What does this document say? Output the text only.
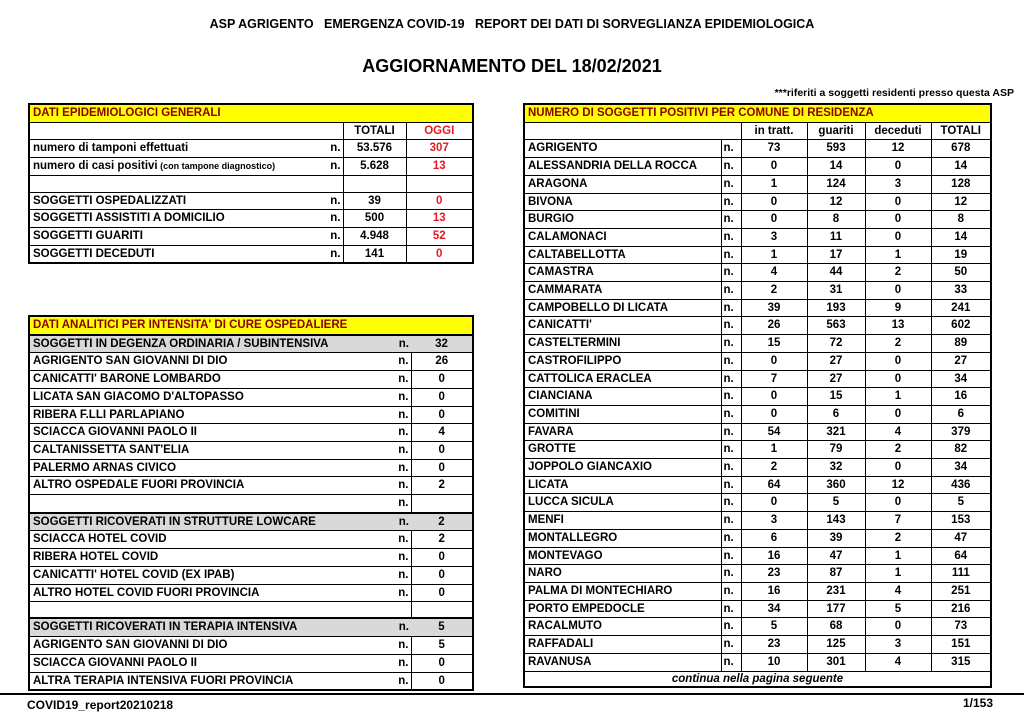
ASP AGRIGENTO   EMERGENZA COVID-19   REPORT DEI DATI DI SORVEGLIANZA EPIDEMIOLOGICA
AGGIORNAMENTO DEL 18/02/2021
***riferiti a soggetti residenti presso questa ASP
DATI EPIDEMIOLOGICI GENERALI			
		TOTALI	OGGI
numero di tamponi effettuati	n.	53.576	307
numero di casi positivi (con tampone diagnostico)	n.	5.628	13

SOGGETTI OSPEDALIZZATI	n.	39	0
SOGGETTI ASSISTITI A DOMICILIO	n.	500	13
SOGGETTI GUARITI	n.	4.948	52
SOGGETTI DECEDUTI	n.	141	0
DATI ANALITICI PER INTENSITA' DI CURE OSPEDALIERE		
SOGGETTI IN DEGENZA ORDINARIA / SUBINTENSIVA	n.	32
AGRIGENTO SAN GIOVANNI DI DIO	n.	26
CANICATTI' BARONE LOMBARDO	n.	0
LICATA SAN GIACOMO D'ALTOPASSO	n.	0
RIBERA F.LLI PARLAPIANO	n.	0
SCIACCA GIOVANNI PAOLO II	n.	4
CALTANISSETTA SANT'ELIA	n.	0
PALERMO ARNAS CIVICO	n.	0
ALTRO OSPEDALE FUORI PROVINCIA	n.	2
	n.	
SOGGETTI RICOVERATI IN STRUTTURE LOWCARE	n.	2
SCIACCA HOTEL COVID	n.	2
RIBERA HOTEL COVID	n.	0
CANICATTI' HOTEL COVID (EX IPAB)	n.	0
ALTRO HOTEL COVID FUORI PROVINCIA	n.	0

SOGGETTI RICOVERATI IN TERAPIA INTENSIVA	n.	5
AGRIGENTO SAN GIOVANNI DI DIO	n.	5
SCIACCA GIOVANNI PAOLO II	n.	0
ALTRA TERAPIA INTENSIVA FUORI PROVINCIA	n.	0
NUMERO DI SOGGETTI POSITIVI PER COMUNE DI RESIDENZA					
		in tratt.	guariti	deceduti	TOTALI
AGRIGENTO	n.	73	593	12	678
ALESSANDRIA DELLA ROCCA	n.	0	14	0	14
ARAGONA	n.	1	124	3	128
BIVONA	n.	0	12	0	12
BURGIO	n.	0	8	0	8
CALAMONACI	n.	3	11	0	14
CALTABELLOTTA	n.	1	17	1	19
CAMASTRA	n.	4	44	2	50
CAMMARATA	n.	2	31	0	33
CAMPOBELLO DI LICATA	n.	39	193	9	241
CANICATTI'	n.	26	563	13	602
CASTELTERMINI	n.	15	72	2	89
CASTROFILIPPO	n.	0	27	0	27
CATTOLICA ERACLEA	n.	7	27	0	34
CIANCIANA	n.	0	15	1	16
COMITINI	n.	0	6	0	6
FAVARA	n.	54	321	4	379
GROTTE	n.	1	79	2	82
JOPPOLO GIANCAXIO	n.	2	32	0	34
LICATA	n.	64	360	12	436
LUCCA SICULA	n.	0	5	0	5
MENFI	n.	3	143	7	153
MONTALLEGRO	n.	6	39	2	47
MONTEVAGO	n.	16	47	1	64
NARO	n.	23	87	1	111
PALMA DI MONTECHIARO	n.	16	231	4	251
PORTO EMPEDOCLE	n.	34	177	5	216
RACALMUTO	n.	5	68	0	73
RAFFADALI	n.	23	125	3	151
RAVANUSA	n.	10	301	4	315
continua nella pagina seguente					
COVID19_report20210218	1/153
